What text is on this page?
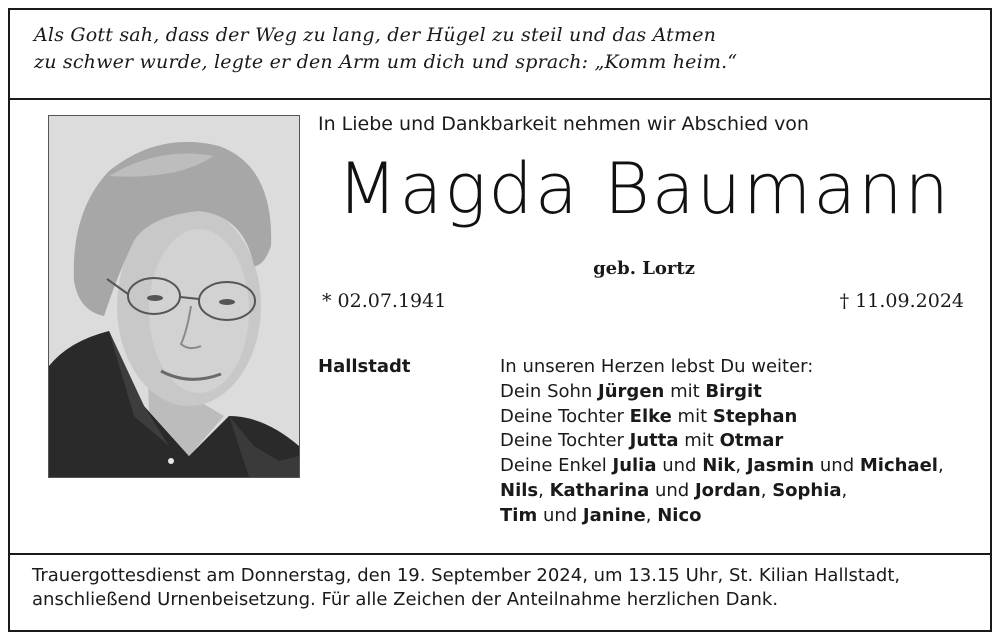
Als Gott sah, dass der Weg zu lang, der Hügel zu steil und das Atmen
zu schwer wurde, legte er den Arm um dich und sprach: „Komm heim.“
In Liebe und Dankbarkeit nehmen wir Abschied von
Magda Baumann
geb. Lortz
* 02.07.1941	† 11.09.2024
Hallstadt	In unseren Herzen lebst Du weiter:
Dein Sohn Jürgen mit Birgit
Deine Tochter Elke mit Stephan
Deine Tochter Jutta mit Otmar
Deine Enkel Julia und Nik, Jasmin und Michael,
Nils, Katharina und Jordan, Sophia,
Tim und Janine, Nico
Trauergottesdienst am Donnerstag, den 19. September 2024, um 13.15 Uhr, St. Kilian Hallstadt,
anschließend Urnenbeisetzung. Für alle Zeichen der Anteilnahme herzlichen Dank.
